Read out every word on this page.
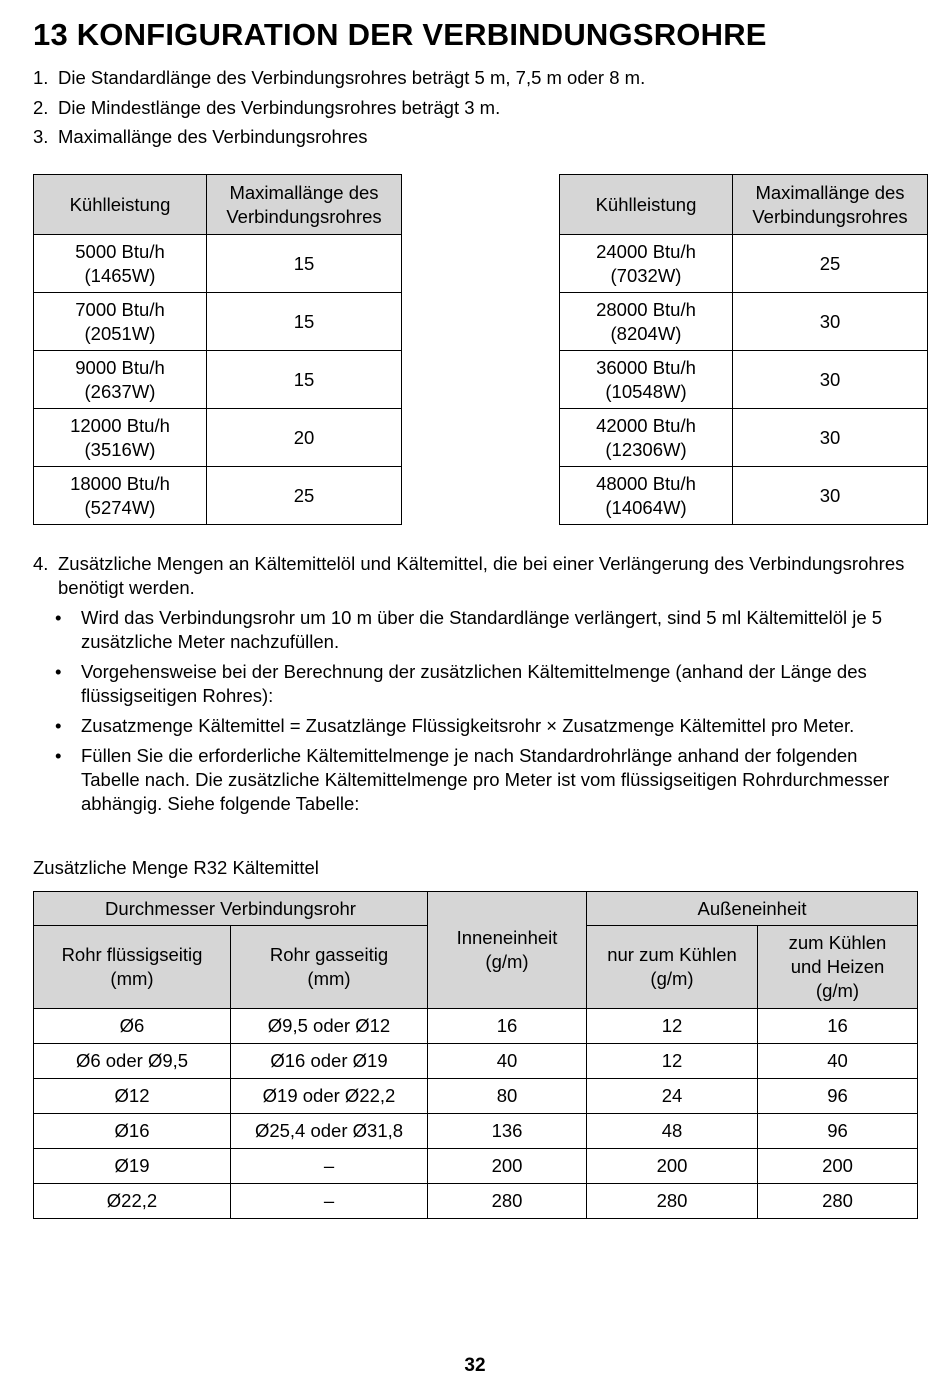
13 KONFIGURATION DER VERBINDUNGSROHRE
1. Die Standardlänge des Verbindungsrohres beträgt 5 m, 7,5 m oder 8 m.
2. Die Mindestlänge des Verbindungsrohres beträgt 3 m.
3. Maximallänge des Verbindungsrohres
Kühlleistung	Maximallänge des Verbindungsrohres

5000 Btu/h
(1465W)	15

7000 Btu/h
(2051W)	15

9000 Btu/h
(2637W)	15

12000 Btu/h
(3516W)	20

18000 Btu/h
(5274W)	25
Kühlleistung	Maximallänge des Verbindungsrohres

24000 Btu/h
(7032W)	25

28000 Btu/h
(8204W)	30

36000 Btu/h
(10548W)	30

42000 Btu/h
(12306W)	30

48000 Btu/h
(14064W)	30
4. Zusätzliche Mengen an Kältemittelöl und Kältemittel, die bei einer Verlängerung des Verbindungsrohres benötigt werden.
•	Wird das Verbindungsrohr um 10 m über die Standardlänge verlängert, sind 5 ml Kältemittelöl je 5 zusätzliche Meter nachzufüllen.
•	Vorgehensweise bei der Berechnung der zusätzlichen Kältemittelmenge (anhand der Länge des flüssigseitigen Rohres):
•	Zusatzmenge Kältemittel = Zusatzlänge Flüssigkeitsrohr × Zusatzmenge Kältemittel pro Meter.
•	Füllen Sie die erforderliche Kältemittelmenge je nach Standardrohrlänge anhand der folgenden Tabelle nach. Die zusätzliche Kältemittelmenge pro Meter ist vom flüssigseitigen Rohrdurchmesser abhängig. Siehe folgende Tabelle:
Zusätzliche Menge R32 Kältemittel
Durchmesser Verbindungsrohr		Inneneinheit (g/m)	Außeneinheit	

Rohr flüssigseitig (mm)	Rohr gasseitig (mm)		nur zum Kühlen (g/m)	zum Kühlen und Heizen (g/m)

Ø6	Ø9,5 oder Ø12	16	12	16
Ø6 oder Ø9,5	Ø16 oder Ø19	40	12	40
Ø12	Ø19 oder Ø22,2	80	24	96
Ø16	Ø25,4 oder Ø31,8	136	48	96
Ø19	–	200	200	200
Ø22,2	–	280	280	280
32
